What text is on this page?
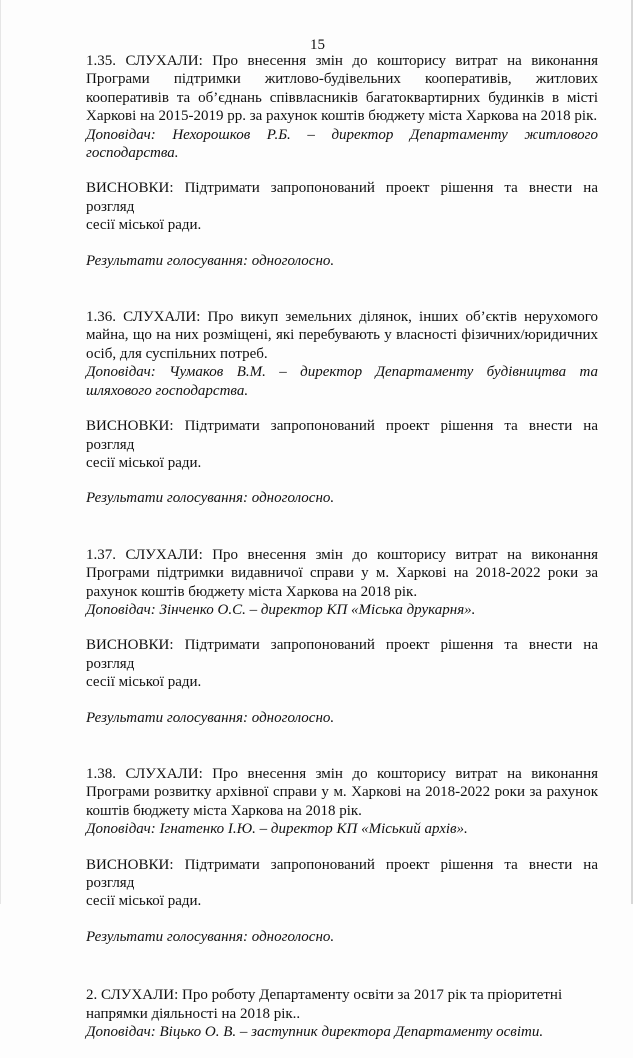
15

1.35. СЛУХАЛИ: Про внесення змін до кошторису витрат на виконання
Програми підтримки житлово-будівельних кооперативів, житлових
кооперативів та об’єднань співвласників багатоквартирних будинків в місті
Харкові на 2015-2019 рр. за рахунок коштів бюджету міста Харкова на 2018 рік.

Доповідач: Нехорошков Р.Б. – директор Департаменту житлового
господарства.

ВИСНОВКИ: Підтримати запропонований проект рішення та внести на розгляд
сесії міської ради.

Результати голосування: одноголосно.

1.36. СЛУХАЛИ: Про викуп земельних ділянок, інших об’єктів нерухомого
майна, що на них розміщені, які перебувають у власності фізичних/юридичних
осіб, для суспільних потреб.

Доповідач: Чумаков В.М. – директор Департаменту будівництва та
шляхового господарства.

ВИСНОВКИ: Підтримати запропонований проект рішення та внести на розгляд
сесії міської ради.

Результати голосування: одноголосно.

1.37. СЛУХАЛИ: Про внесення змін до кошторису витрат на виконання
Програми підтримки видавничої справи у м. Харкові на 2018-2022 роки за
рахунок коштів бюджету міста Харкова на 2018 рік.

Доповідач: Зінченко О.С. – директор КП «Міська друкарня».

ВИСНОВКИ: Підтримати запропонований проект рішення та внести на розгляд
сесії міської ради.

Результати голосування: одноголосно.

1.38. СЛУХАЛИ: Про внесення змін до кошторису витрат на виконання
Програми розвитку архівної справи у м. Харкові на 2018-2022 роки за рахунок
коштів бюджету міста Харкова на 2018 рік.

Доповідач: Ігнатенко І.Ю. – директор КП «Міський архів».

ВИСНОВКИ: Підтримати запропонований проект рішення та внести на розгляд
сесії міської ради.

Результати голосування: одноголосно.

2. СЛУХАЛИ: Про роботу Департаменту освіти за 2017 рік та пріоритетні
напрямки діяльності на 2018 рік..

Доповідач: Віцько О. В. – заступник директора Департаменту освіти.
